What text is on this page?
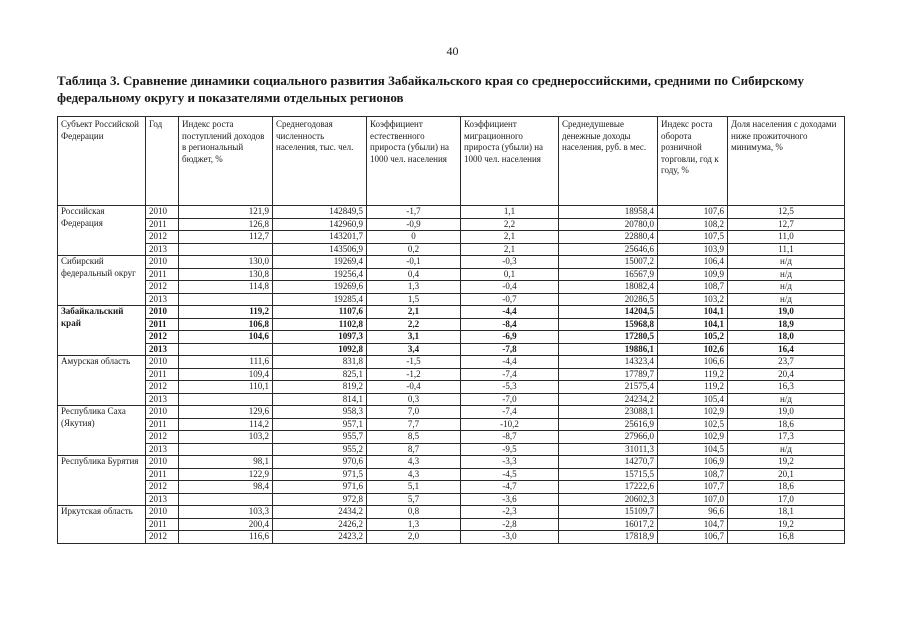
40
Таблица 3. Сравнение динамики социального развития Забайкальского края со среднероссийскими, средними по Сибирскому федеральному округу и показателями отдельных регионов
Субъект Российской Федерации	Год	Индекс роста поступлений доходов в региональный бюджет, %	Среднегодовая численность населения, тыс. чел.	Коэффициент естественного прироста (убыли) на 1000 чел. населения	Коэффициент миграционного прироста (убыли) на 1000 чел. населения	Среднедушевые денежные доходы населения, руб. в мес.	Индекс роста оборота розничной торговли, год к году, %	Доля населения с доходами ниже прожиточного минимума, %
Российская Федерация	2010	121,9	142849,5	-1,7	1,1	18958,4	107,6	12,5
	2011	126,8	142960,9	-0,9	2,2	20780,0	108,2	12,7
	2012	112,7	143201,7	0	2,1	22880,4	107,5	11,0
	2013		143506,9	0,2	2,1	25646,6	103,9	11,1
Сибирский федеральный округ	2010	130,0	19269,4	-0,1	-0,3	15007,2	106,4	н/д
	2011	130,8	19256,4	0,4	0,1	16567,9	109,9	н/д
	2012	114,8	19269,6	1,3	-0,4	18082,4	108,7	н/д
	2013		19285,4	1,5	-0,7	20286,5	103,2	н/д
Забайкальский край	2010	119,2	1107,6	2,1	-4,4	14204,5	104,1	19,0
	2011	106,8	1102,8	2,2	-8,4	15968,8	104,1	18,9
	2012	104,6	1097,3	3,1	-6,9	17280,5	105,2	18,0
	2013		1092,8	3,4	-7,8	19886,1	102,6	16,4
Амурская область	2010	111,6	831,8	-1,5	-4,4	14323,4	106,6	23,7
	2011	109,4	825,1	-1,2	-7,4	17789,7	119,2	20,4
	2012	110,1	819,2	-0,4	-5,3	21575,4	119,2	16,3
	2013		814,1	0,3	-7,0	24234,2	105,4	н/д
Республика Саха (Якутия)	2010	129,6	958,3	7,0	-7,4	23088,1	102,9	19,0
	2011	114,2	957,1	7,7	-10,2	25616,9	102,5	18,6
	2012	103,2	955,7	8,5	-8,7	27966,0	102,9	17,3
	2013		955,2	8,7	-9,5	31011,3	104,5	н/д
Республика Бурятия	2010	98,1	970,6	4,3	-3,3	14270,7	106,9	19,2
	2011	122,9	971,5	4,3	-4,5	15715,5	108,7	20,1
	2012	98,4	971,6	5,1	-4,7	17222,6	107,7	18,6
	2013		972,8	5,7	-3,6	20602,3	107,0	17,0
Иркутская область	2010	103,3	2434,2	0,8	-2,3	15109,7	96,6	18,1
	2011	200,4	2426,2	1,3	-2,8	16017,2	104,7	19,2
	2012	116,6	2423,2	2,0	-3,0	17818,9	106,7	16,8
